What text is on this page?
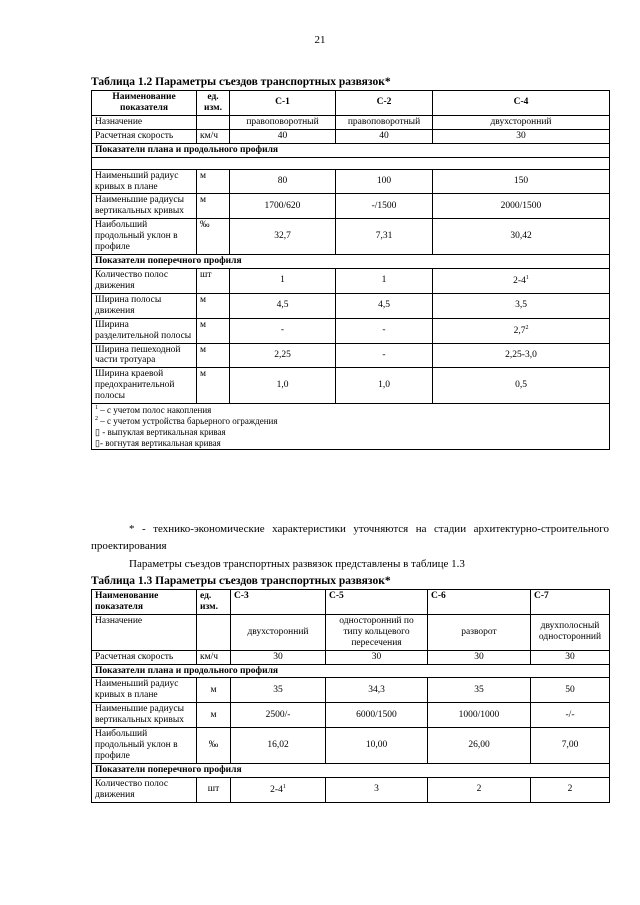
21
Таблица 1.2 Параметры съездов транспортных развязок*
Наименование показателя	ед. изм.	С-1	С-2	С-4
Назначение		правоповоротный	правоповоротный	двухсторонний
Расчетная скорость	км/ч	40	40	30
Показатели плана и продольного профиля				

Наименьший радиус кривых в плане	м	80	100	150
Наименьшие радиусы вертикальных кривых	м	1700/620	-/1500	2000/1500
Наибольший продольный уклон в профиле	‰	32,7	7,31	30,42
Показатели поперечного профиля				
Количество полос движения	шт	1	1	$2-4^1$
Ширина полосы движения	м	4,5	4,5	3,5
Ширина разделительной полосы	м	-	-	$2,7^2$
Ширина пешеходной части тротуара	м	2,25	-	2,25-3,0
Ширина краевой предохранительной полосы	м	1,0	1,0	0,5

$^1$ – с учетом полос накопления
$^2$ – с учетом устройства барьерного ограждения
▯ - выпуклая вертикальная кривая
▯- вогнутая вертикальная кривая				
* - технико-экономические характеристики уточняются на стадии архитектурно-строительного проектирования
Параметры съездов транспортных развязок представлены в таблице 1.3
Таблица 1.3 Параметры съездов транспортных развязок*
Наименование показателя	ед. изм.	С-3	С-5	С-6	С-7
Назначение		двухсторонний	односторонний по типу кольцевого пересечения	разворот	двухполосный односторонний
Расчетная скорость	км/ч	30	30	30	30
Показатели плана и продольного профиля					
Наименьший радиус кривых в плане	м	35	34,3	35	50
Наименьшие радиусы вертикальных кривых	м	2500/-	6000/1500	1000/1000	-/-
Наибольший продольный уклон в профиле	‰	16,02	10,00	26,00	7,00
Показатели поперечного профиля					
Количество полос движения	шт	$2-4^1$	3	2	2
